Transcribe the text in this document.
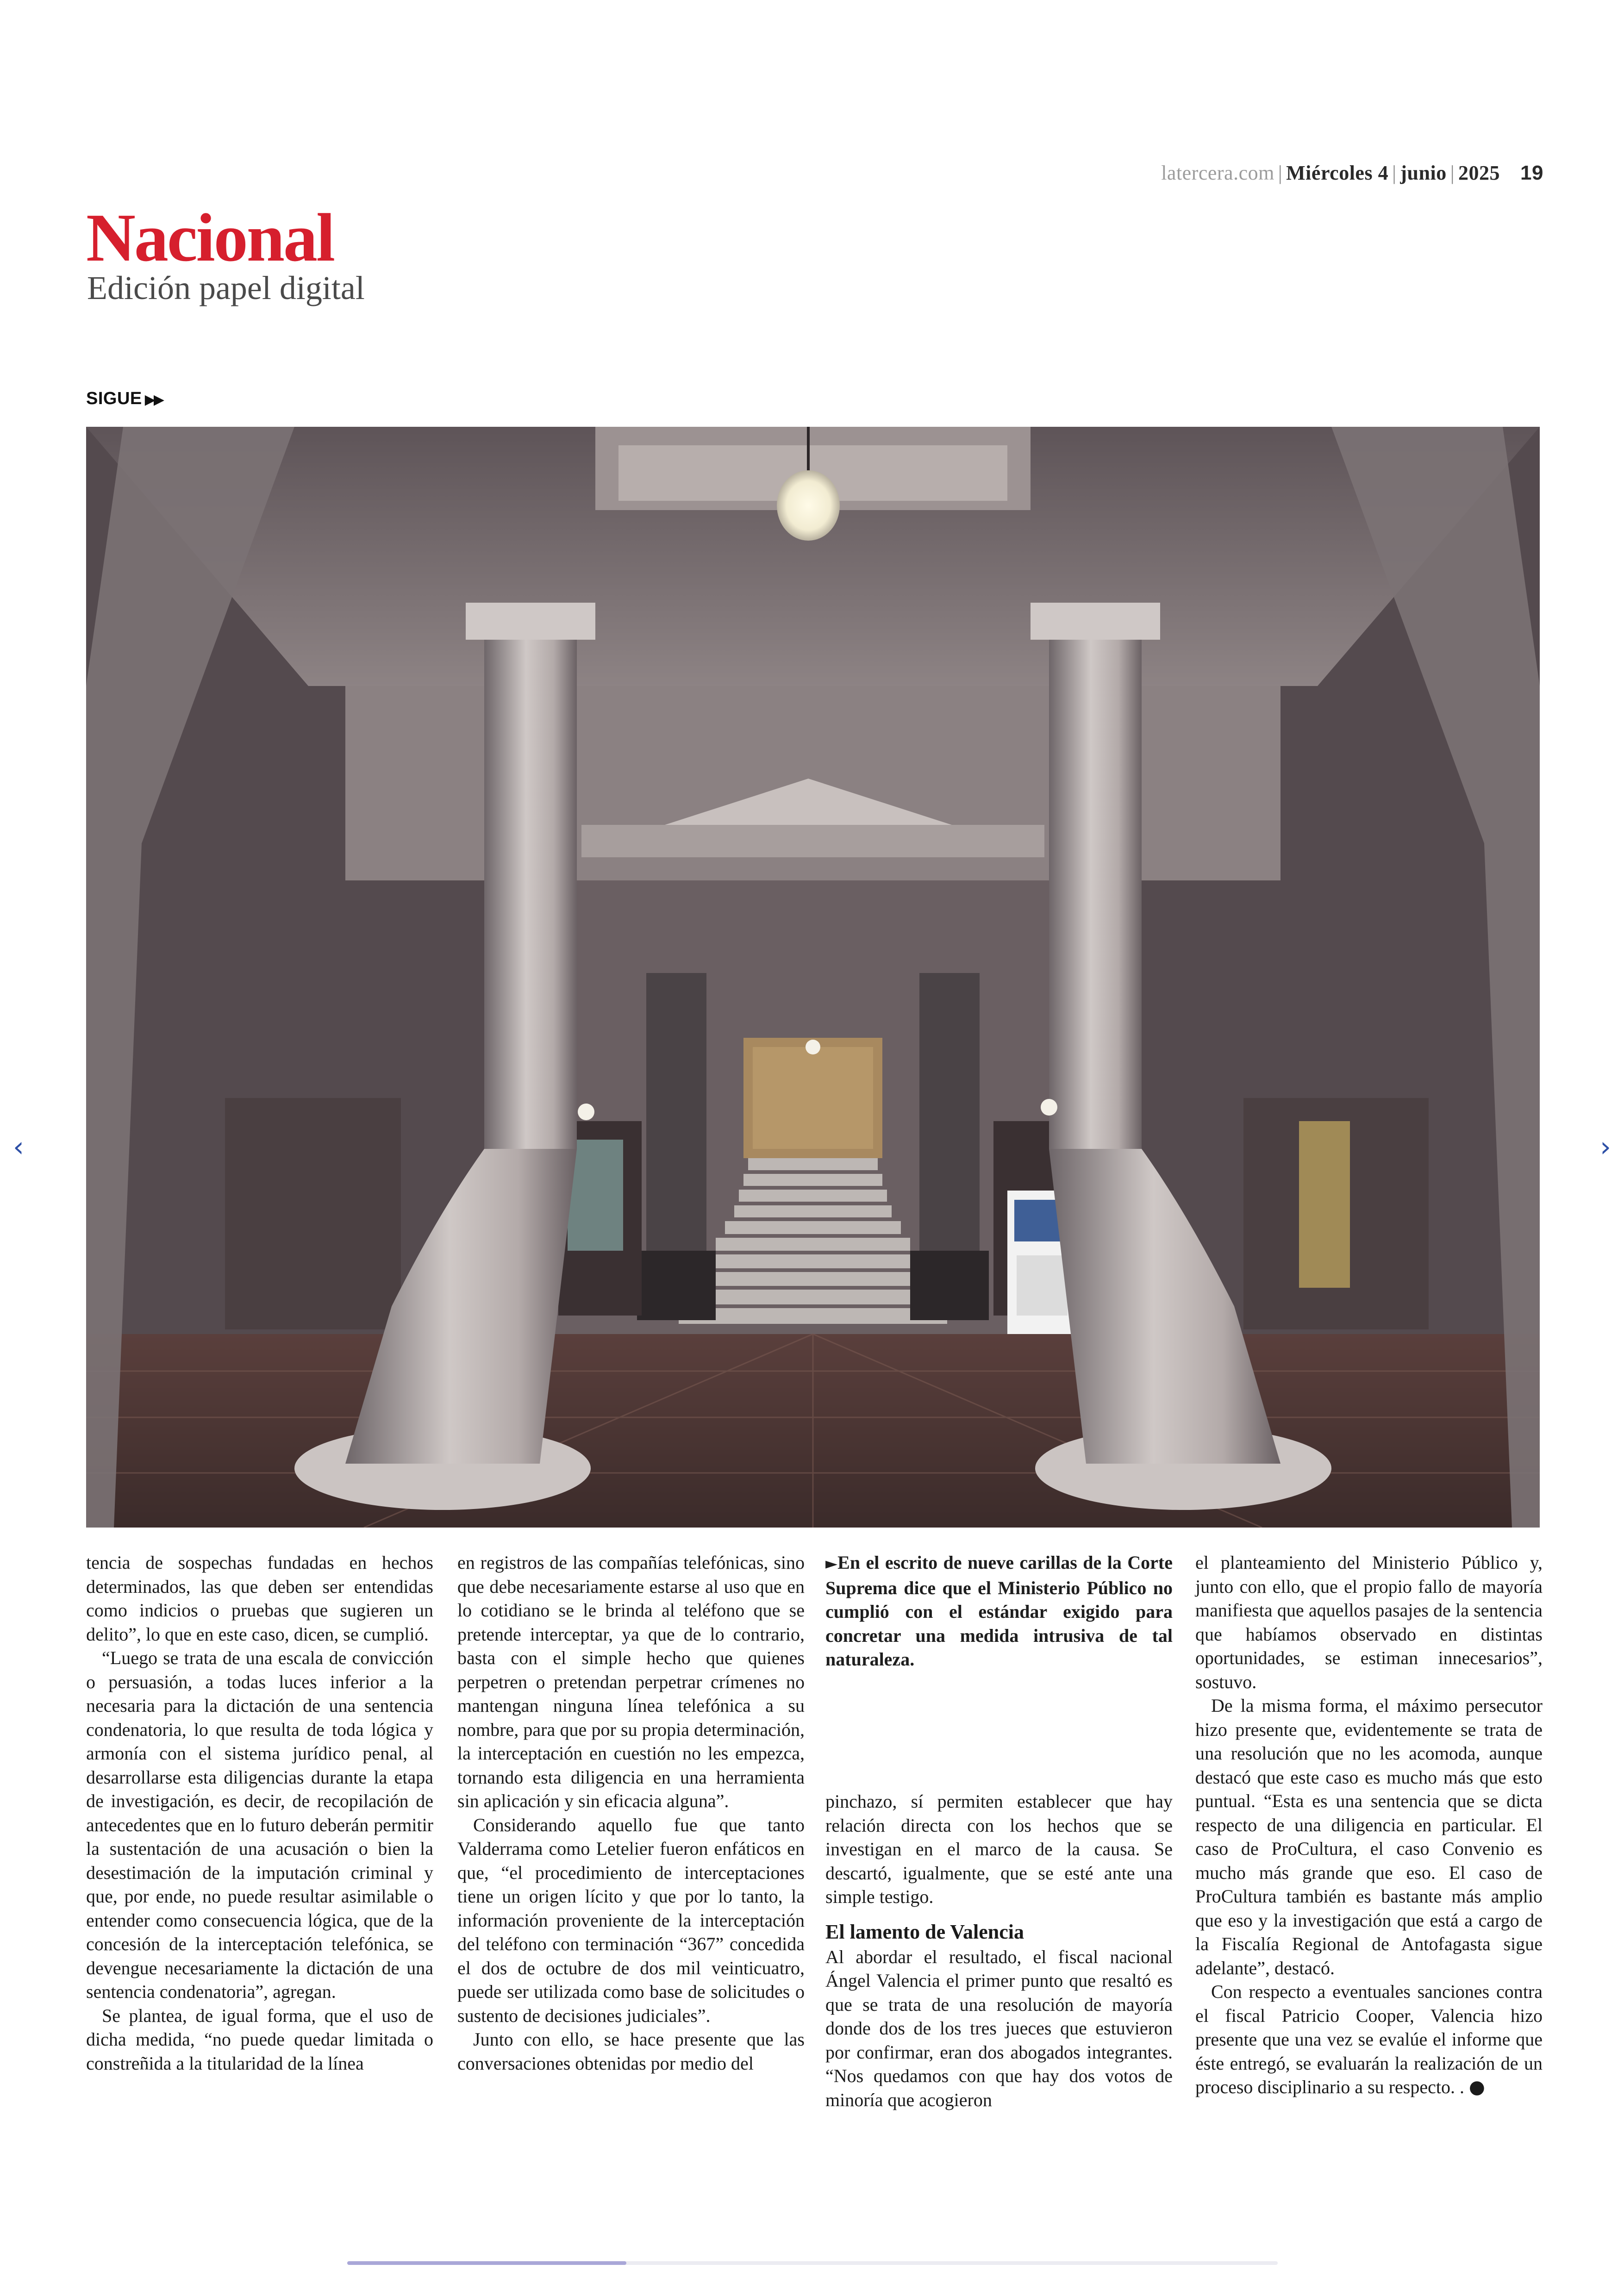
latercera.com | Miércoles 4 | junio | 2025 19
Nacional
Edición papel digital
SIGUE ▶▶
‹	›

tencia de sospechas fundadas en hechos determinados, las que deben ser entendidas como indicios o pruebas que sugieren un delito”, lo que en este caso, dicen, se cumplió.

“Luego se trata de una escala de convicción o persuasión, a todas luces inferior a la necesaria para la dictación de una sentencia condenatoria, lo que resulta de toda lógica y armonía con el sistema jurídico penal, al desarrollarse esta diligencias durante la etapa de investigación, es decir, de recopilación de antecedentes que en lo futuro deberán permitir la sustentación de una acusación o bien la desestimación de la imputación criminal y que, por ende, no puede resultar asimilable o entender como consecuencia lógica, que de la concesión de la interceptación telefónica, se devengue necesariamente la dictación de una sentencia condenatoria”, agregan.

Se plantea, de igual forma, que el uso de dicha medida, “no puede quedar limitada o constreñida a la titularidad de la línea

en registros de las compañías telefónicas, sino que debe necesariamente estarse al uso que en lo cotidiano se le brinda al teléfono que se pretende interceptar, ya que de lo contrario, basta con el simple hecho que quienes perpetren o pretendan perpetrar crímenes no mantengan ninguna línea telefónica a su nombre, para que por su propia determinación, la interceptación en cuestión no les empezca, tornando esta diligencia en una herramienta sin aplicación y sin eficacia alguna”.

Considerando aquello fue que tanto Valderrama como Letelier fueron enfáticos en que, “el procedimiento de interceptaciones tiene un origen lícito y que por lo tanto, la información proveniente de la interceptación del teléfono con terminación “367” concedida el dos de octubre de dos mil veinticuatro, puede ser utilizada como base de solicitudes o sustento de decisiones judiciales”.

Junto con ello, se hace presente que las conversaciones obtenidas por medio del

►En el escrito de nueve carillas de la Corte Suprema dice que el Ministerio Público no cumplió con el estándar exigido para concretar una medida intrusiva de tal naturaleza.

pinchazo, sí permiten establecer que hay relación directa con los hechos que se investigan en el marco de la causa. Se descartó, igualmente, que se esté ante una simple testigo.

El lamento de Valencia

Al abordar el resultado, el fiscal nacional Ángel Valencia el primer punto que resaltó es que se trata de una resolución de mayoría donde dos de los tres jueces que estuvieron por confirmar, eran dos abogados integrantes. “Nos quedamos con que hay dos votos de minoría que acogieron

el planteamiento del Ministerio Público y, junto con ello, que el propio fallo de mayoría manifiesta que aquellos pasajes de la sentencia que habíamos observado en distintas oportunidades, se estiman innecesarios”, sostuvo.

De la misma forma, el máximo persecutor hizo presente que, evidentemente se trata de una resolución que no les acomoda, aunque destacó que este caso es mucho más que esto puntual. “Esta es una sentencia que se dicta respecto de una diligencia en particular. El caso de ProCultura, el caso Convenio es mucho más grande que eso. El caso de ProCultura también es bastante más amplio que eso y la investigación que está a cargo de la Fiscalía Regional de Antofagasta sigue adelante”, destacó.

Con respecto a eventuales sanciones contra el fiscal Patricio Cooper, Valencia hizo presente que una vez se evalúe el informe que éste entregó, se evaluarán la realización de un proceso disciplinario a su respecto. . ●
